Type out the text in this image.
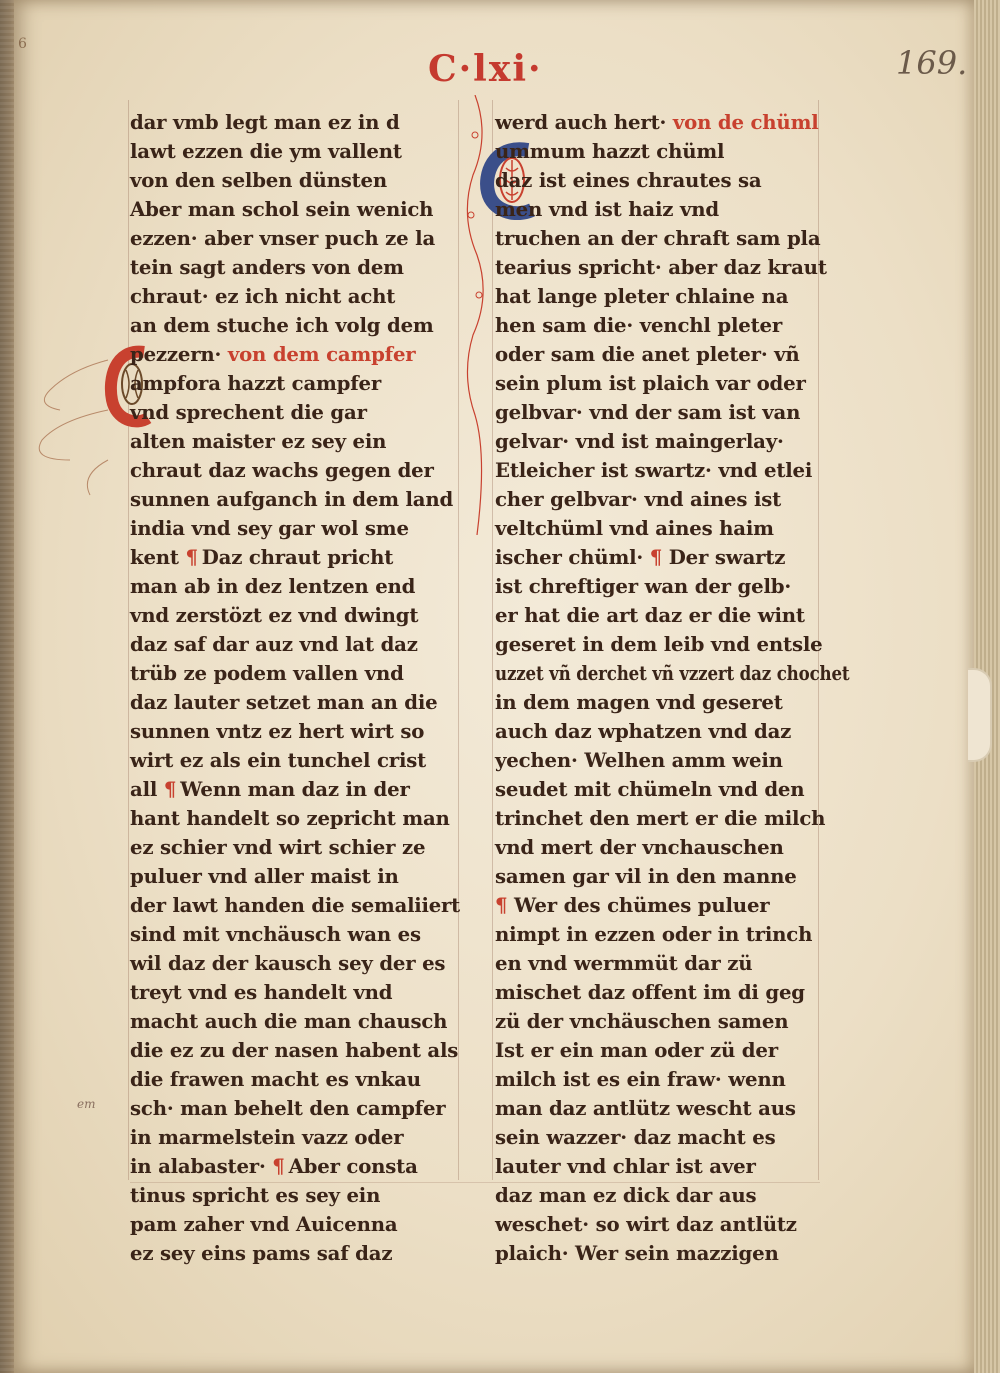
6	169.
C·lxi·
dar vmb legt man ez in d
lawt ezzen die ym vallent
von den selben dünsten
Aber man schol sein wenich
ezzen· aber vnser puch ze la
tein sagt anders von dem
chraut· ez ich nicht acht
an dem stuche ich volg dem
pezzern· von dem campfer
ampfora hazzt campfer
vnd sprechent die gar
alten maister ez sey ein
chraut daz wachs gegen der
sunnen aufganch in dem land
india vnd sey gar wol sme
kent ¶ Daz chraut pricht
man ab in dez lentzen end
vnd zerstözt ez vnd dwingt
daz saf dar auz vnd lat daz
trüb ze podem vallen vnd
daz lauter setzet man an die
sunnen vntz ez hert wirt so
wirt ez als ein tunchel crist
all ¶ Wenn man daz in der
hant handelt so zepricht man
ez schier vnd wirt schier ze
puluer vnd aller maist in
der lawt handen die semaliiert
sind mit vnchäusch wan es
wil daz der kausch sey der es
treyt vnd es handelt vnd
macht auch die man chausch
die ez zu der nasen habent als
die frawen macht es vnkau
sch· man behelt den campfer
in marmelstein vazz oder
in alabaster· ¶ Aber consta
tinus spricht es sey ein
pam zaher vnd Auicenna
ez sey eins pams saf daz
werd auch hert· von de chüml
ummum hazzt chüml
daz ist eines chrautes sa
men vnd ist haiz vnd
truchen an der chraft sam pla
tearius spricht· aber daz kraut
hat lange pleter chlaine na
hen sam die· venchl pleter
oder sam die anet pleter· vñ
sein plum ist plaich var oder
gelbvar· vnd der sam ist van
gelvar· vnd ist maingerlay·
Etleicher ist swartz· vnd etlei
cher gelbvar· vnd aines ist
veltchüml vnd aines haim
ischer chüml· ¶ Der swartz
ist chreftiger wan der gelb·
er hat die art daz er die wint
geseret in dem leib vnd entsle
uzzet vñ derchet vñ vzzert daz chochet
in dem magen vnd geseret
auch daz wphatzen vnd daz
yechen· Welhen amm wein
seudet mit chümeln vnd den
trinchet den mert er die milch
vnd mert der vnchauschen
samen gar vil in den manne
¶ Wer des chümes puluer
nimpt in ezzen oder in trinch
en vnd wermmüt dar zü
mischet daz offent im di geg
zü der vnchäuschen samen
Ist er ein man oder zü der
milch ist es ein fraw· wenn
man daz antlütz wescht aus
sein wazzer· daz macht es
lauter vnd chlar ist aver
daz man ez dick dar aus
weschet· so wirt daz antlütz
plaich· Wer sein mazzigen
em
